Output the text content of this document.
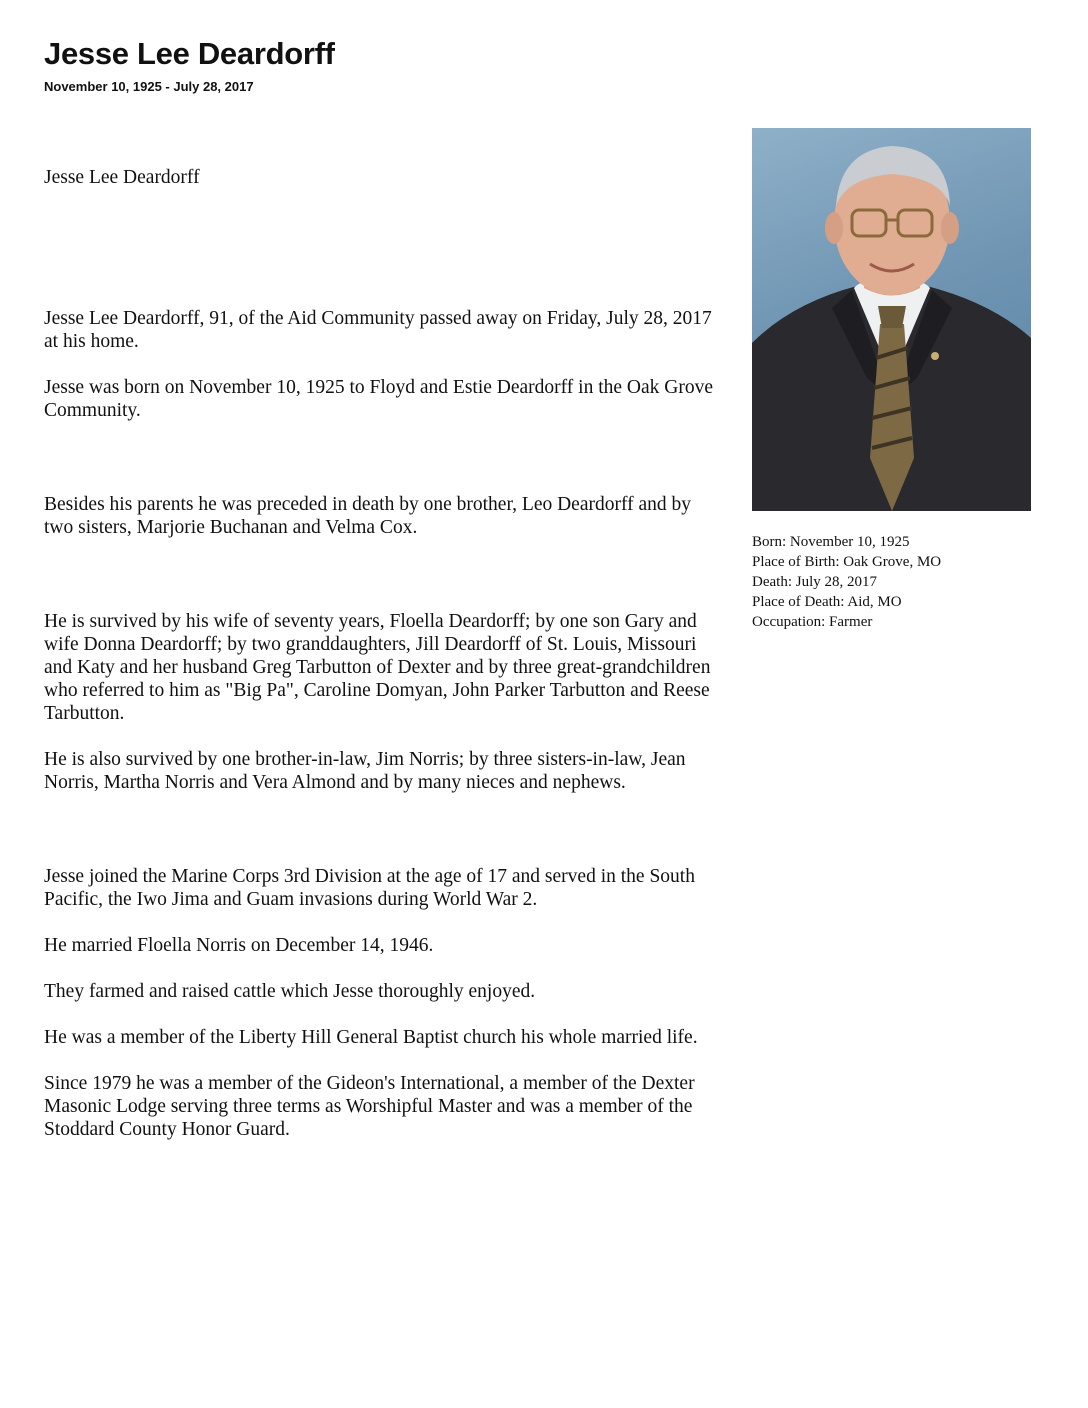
Jesse Lee Deardorff
November 10, 1925 - July 28, 2017

Jesse Lee Deardorff

Jesse Lee Deardorff, 91, of the Aid Community passed away on Friday, July 28, 2017 at his home.

Jesse was born on November 10, 1925 to Floyd and Estie Deardorff in the Oak Grove Community.

Besides his parents he was preceded in death by one brother, Leo Deardorff and by two sisters, Marjorie Buchanan and Velma Cox.

He is survived by his wife of seventy years, Floella Deardorff; by one son Gary and wife Donna Deardorff; by two granddaughters, Jill Deardorff of St. Louis, Missouri and Katy and her husband Greg Tarbutton of Dexter and by three great-grandchildren who referred to him as "Big Pa", Caroline Domyan, John Parker Tarbutton and Reese Tarbutton.

He is also survived by one brother-in-law, Jim Norris; by three sisters-in-law, Jean Norris, Martha Norris and Vera Almond and by many nieces and nephews.

Jesse joined the Marine Corps 3rd Division at the age of 17 and served in the South Pacific, the Iwo Jima and Guam invasions during World War 2.

He married Floella Norris on December 14, 1946.

They farmed and raised cattle which Jesse thoroughly enjoyed.

He was a member of the Liberty Hill General Baptist church his whole married life.

Since 1979 he was a member of the Gideon's International, a member of the Dexter Masonic Lodge serving three terms as Worshipful Master and was a member of the Stoddard County Honor Guard.

Born: November 10, 1925
Place of Birth: Oak Grove, MO
Death: July 28, 2017
Place of Death: Aid, MO
Occupation: Farmer
